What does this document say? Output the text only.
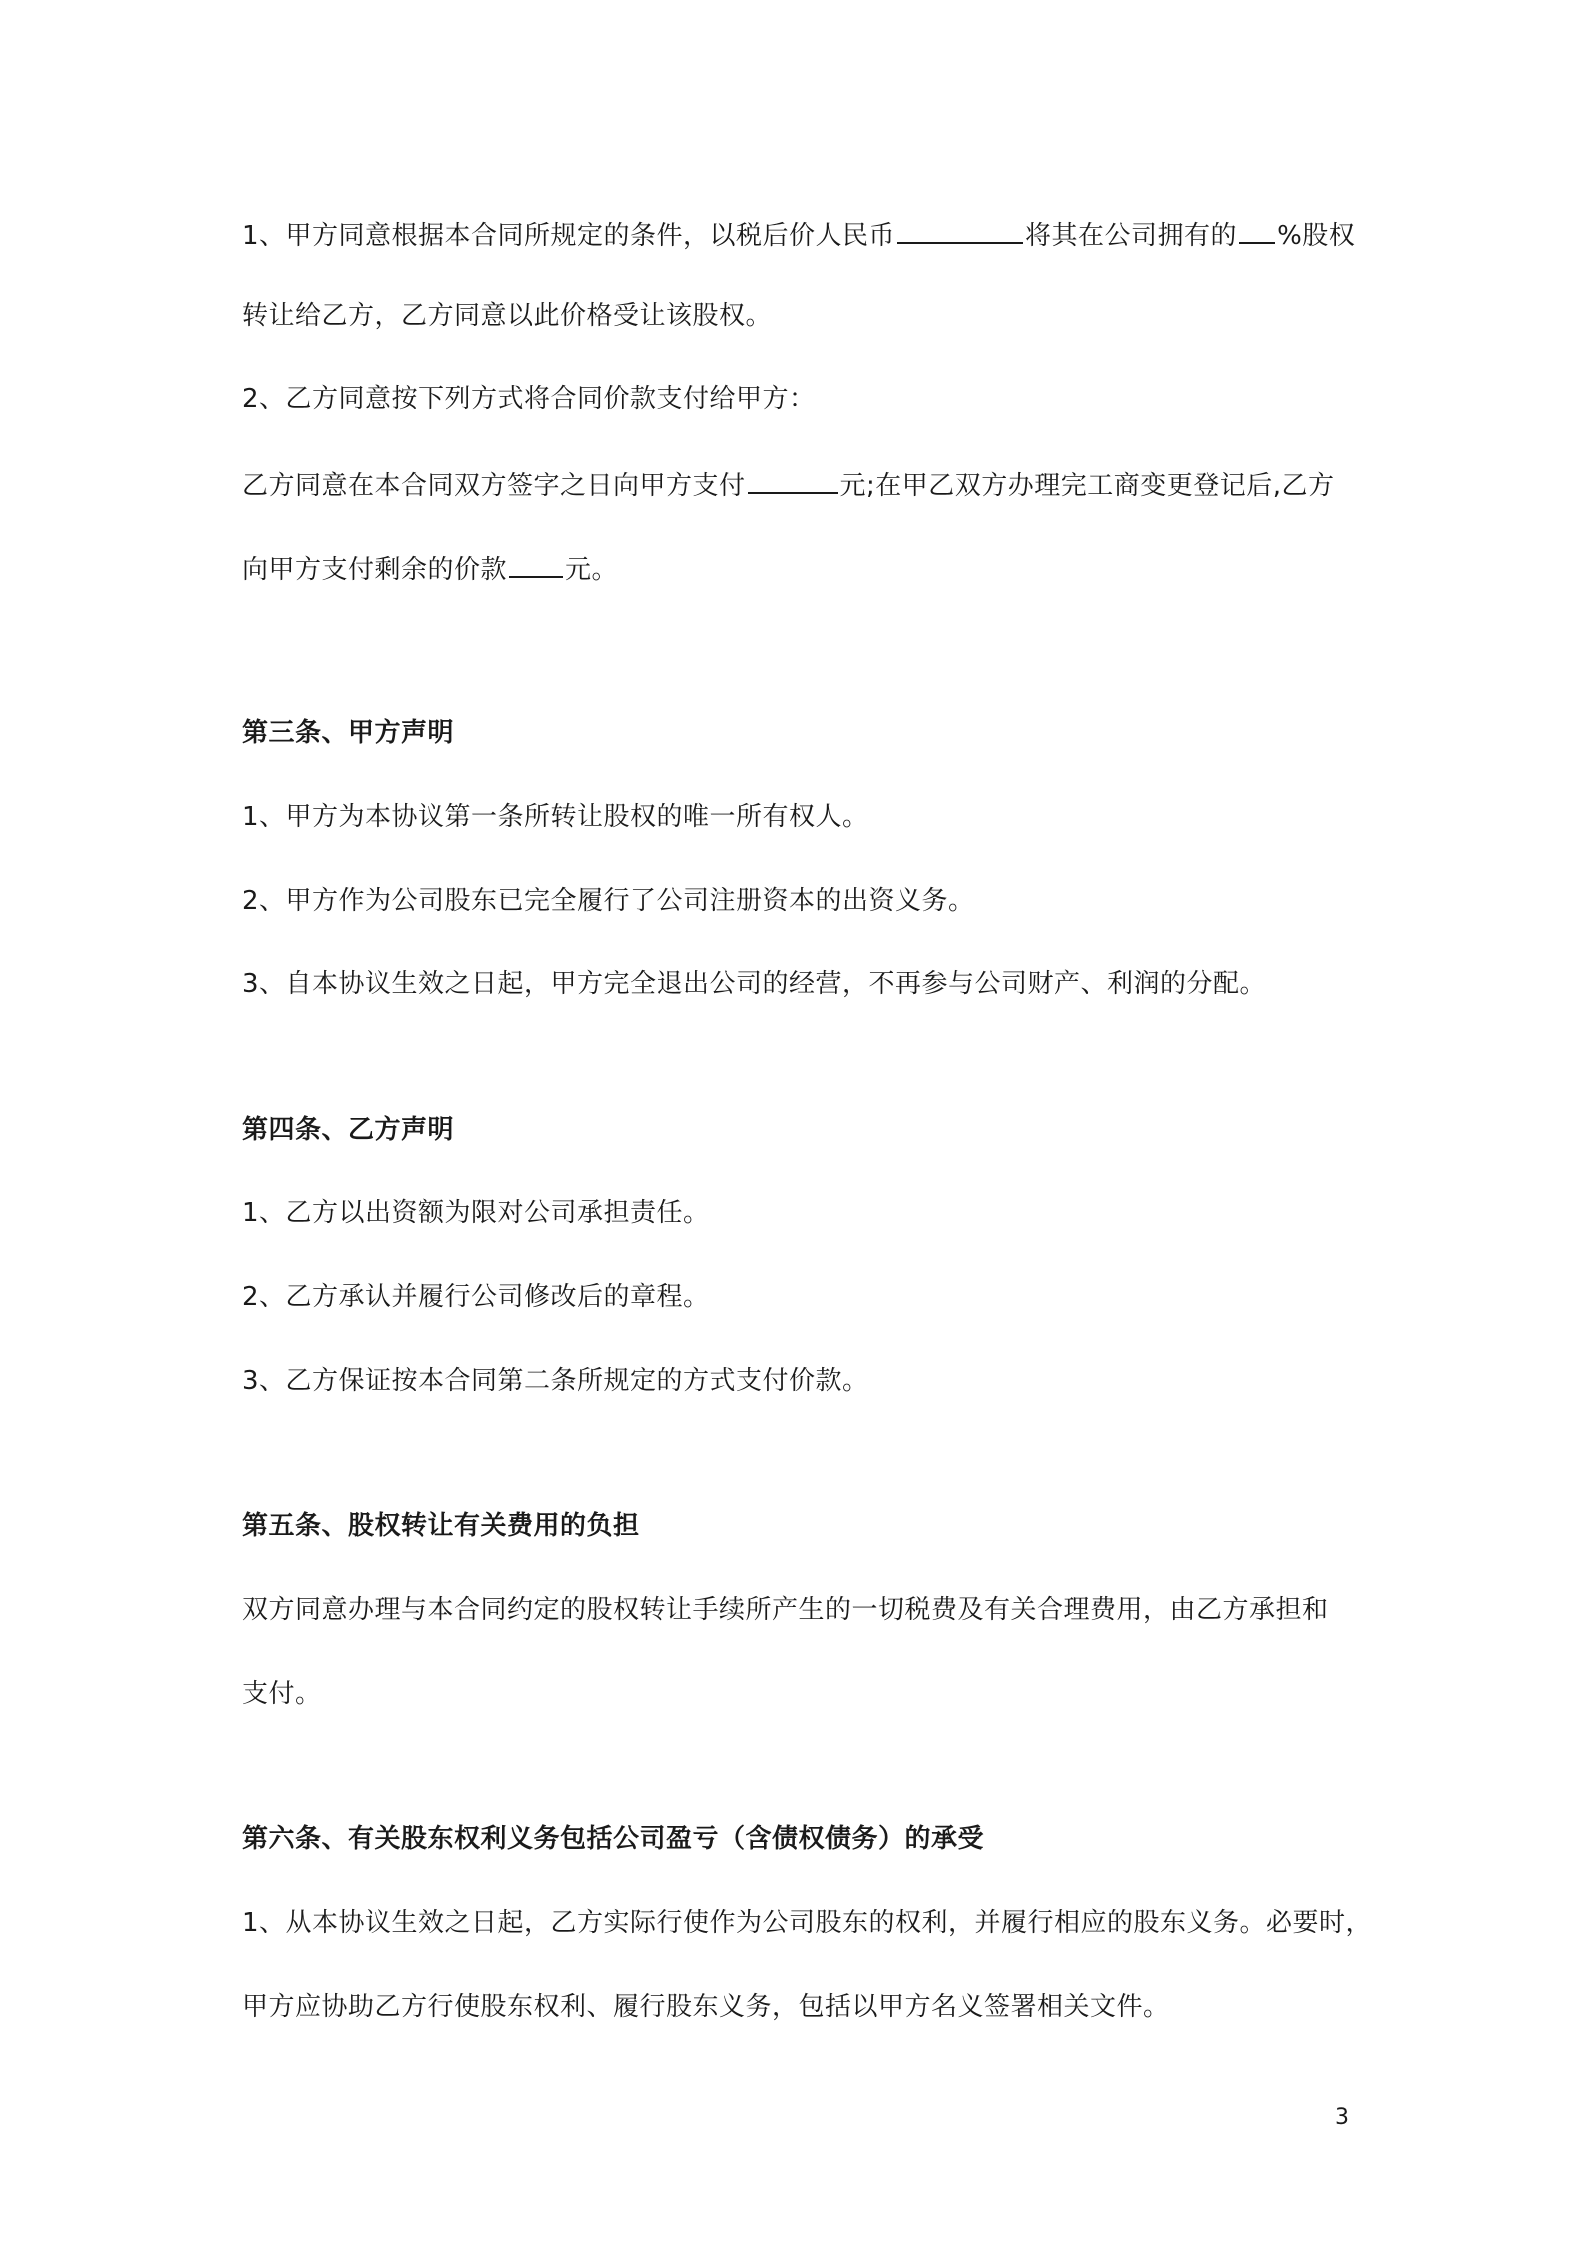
1、甲方同意根据本合同所规定的条件，以税后价人民币	将其在公司拥有的 %股权
转让给乙方，乙方同意以此价格受让该股权。
2、乙方同意按下列方式将合同价款支付给甲方：
乙方同意在本合同双方签字之日向甲方支付	元;在甲乙双方办理完工商变更登记后,乙方
向甲方支付剩余的价款 元。
第三条、甲方声明
1、甲方为本协议第一条所转让股权的唯一所有权人。
2、甲方作为公司股东已完全履行了公司注册资本的出资义务。
3、自本协议生效之日起，甲方完全退出公司的经营，不再参与公司财产、利润的分配。
第四条、乙方声明
1、乙方以出资额为限对公司承担责任。
2、乙方承认并履行公司修改后的章程。
3、乙方保证按本合同第二条所规定的方式支付价款。
第五条、股权转让有关费用的负担
双方同意办理与本合同约定的股权转让手续所产生的一切税费及有关合理费用，由乙方承担和
支付。
第六条、有关股东权利义务包括公司盈亏（含债权债务）的承受
1、从本协议生效之日起，乙方实际行使作为公司股东的权利，并履行相应的股东义务。必要时，
甲方应协助乙方行使股东权利、履行股东义务，包括以甲方名义签署相关文件。
3
